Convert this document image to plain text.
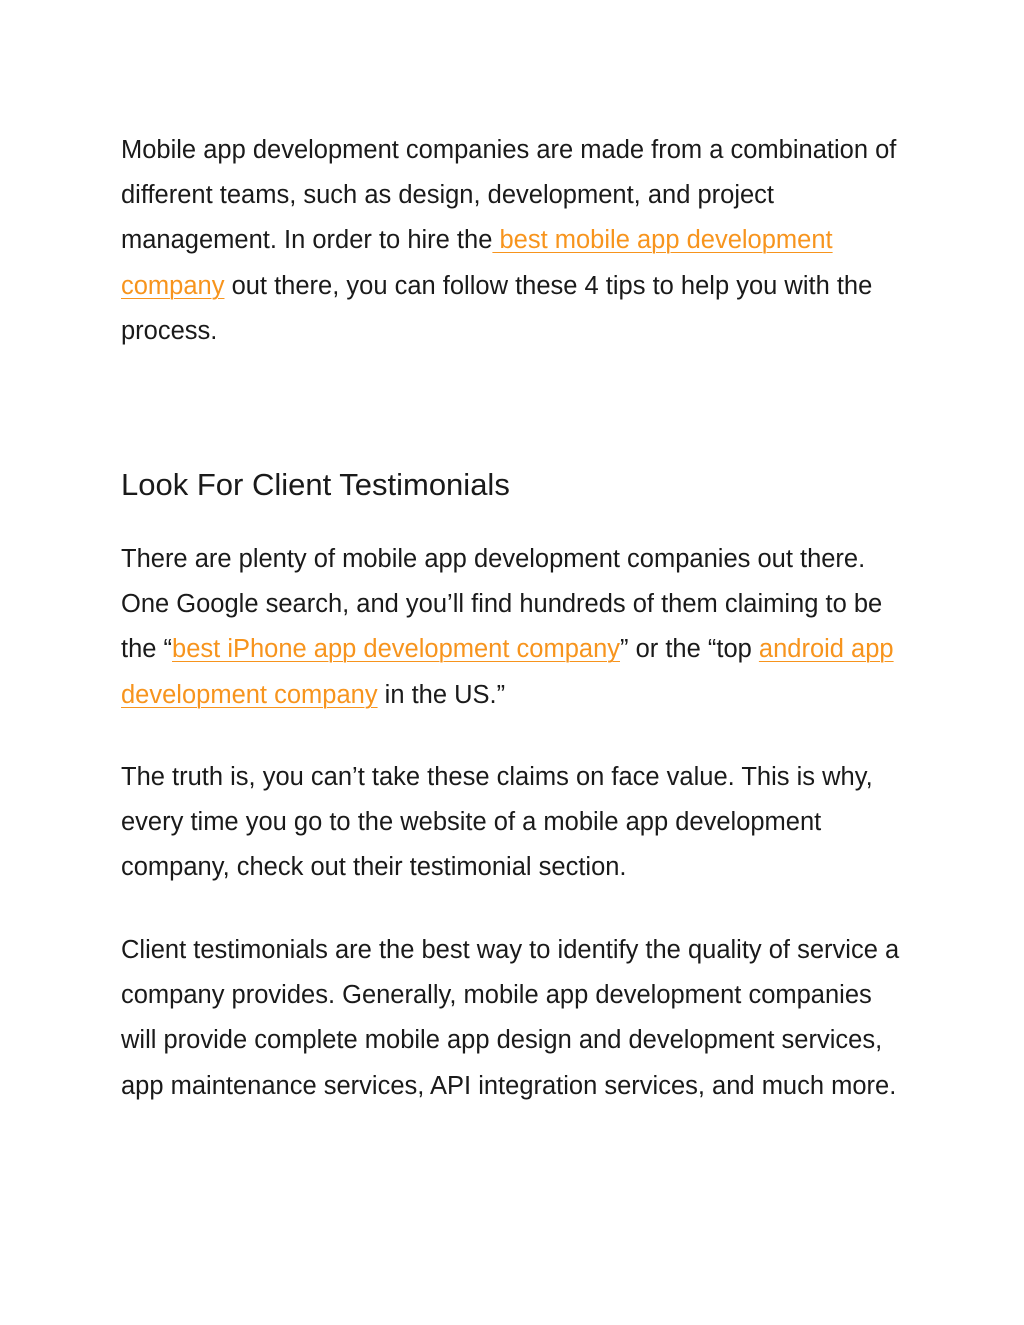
Mobile app development companies are made from a combination of different teams, such as design, development, and project management. In order to hire the best mobile app development company out there, you can follow these 4 tips to help you with the process.

Look For Client Testimonials

There are plenty of mobile app development companies out there. One Google search, and you’ll find hundreds of them claiming to be the “best iPhone app development company” or the “top android app development company in the US.”

The truth is, you can’t take these claims on face value. This is why, every time you go to the website of a mobile app development company, check out their testimonial section.

Client testimonials are the best way to identify the quality of service a company provides. Generally, mobile app development companies will provide complete mobile app design and development services, app maintenance services, API integration services, and much more.
